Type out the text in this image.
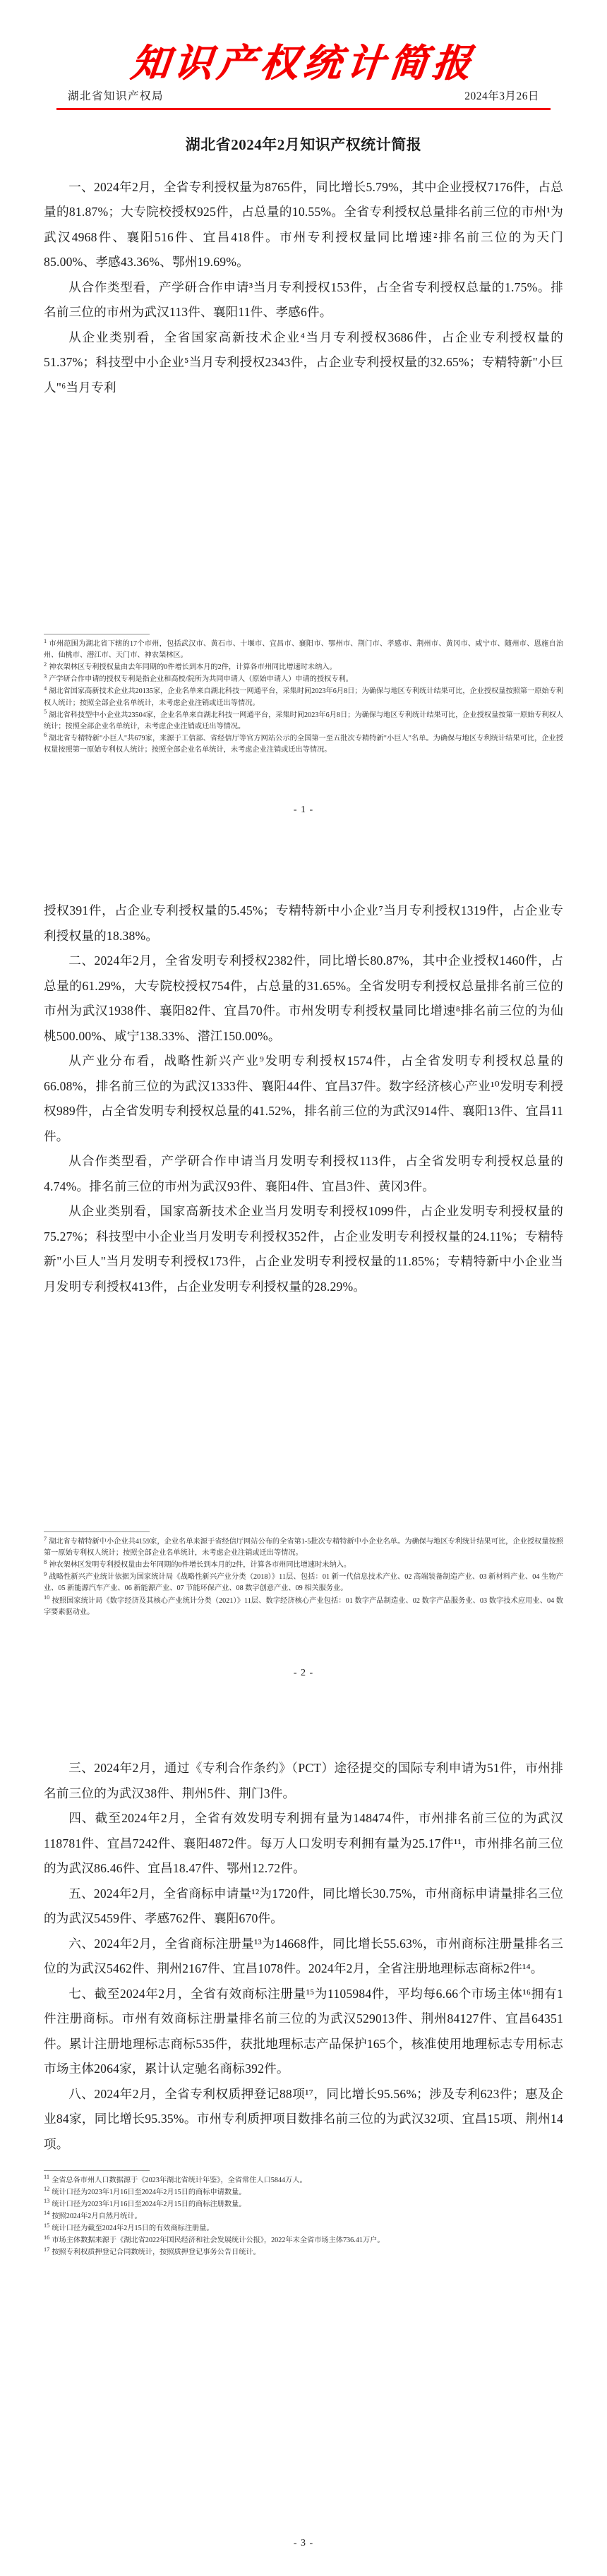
知识产权统计简报
湖北省知识产权局	2024年3月26日
湖北省2024年2月知识产权统计简报

一、2024年2月，全省专利授权量为8765件，同比增长5.79%，其中企业授权7176件，占总量的81.87%；大专院校授权925件，占总量的10.55%。全省专利授权总量排名前三位的市州¹为武汉4968件、襄阳516件、宜昌418件。市州专利授权量同比增速²排名前三位的为天门85.00%、孝感43.36%、鄂州19.69%。

从合作类型看，产学研合作申请³当月专利授权153件，占全省专利授权总量的1.75%。排名前三位的市州为武汉113件、襄阳11件、孝感6件。

从企业类别看，全省国家高新技术企业⁴当月专利授权3686件，占企业专利授权量的51.37%；科技型中小企业⁵当月专利授权2343件，占企业专利授权量的32.65%；专精特新"小巨人"⁶当月专利

$^1$ 市州范围为湖北省下辖的17个市州，包括武汉市、黄石市、十堰市、宜昌市、襄阳市、鄂州市、荆门市、孝感市、荆州市、黄冈市、咸宁市、随州市、恩施自治州、仙桃市、潜江市、天门市、神农架林区。

$^2$ 神农架林区专利授权量由去年同期的0件增长到本月的2件，计算各市州同比增速时未纳入。

$^3$ 产学研合作申请的授权专利是指企业和高校/院所为共同申请人（原始申请人）申请的授权专利。

$^4$ 湖北省国家高新技术企业共20135家，企业名单来自湖北科技一网通平台，采集时间2023年6月8日；为确保与地区专利统计结果可比，企业授权量按照第一原始专利权人统计；按照全部企业名单统计，未考虑企业注销或迁出等情况。

$^5$ 湖北省科技型中小企业共23504家，企业名单来自湖北科技一网通平台，采集时间2023年6月8日；为确保与地区专利统计结果可比，企业授权量按第一原始专利权人统计；按照全部企业名单统计，未考虑企业注销或迁出等情况。

$^6$ 湖北省专精特新"小巨人"共679家，来源于工信部、省经信厅等官方网站公示的全国第一至五批次专精特新"小巨人"名单。为确保与地区专利统计结果可比，企业授权量按照第一原始专利权人统计；按照全部企业名单统计，未考虑企业注销或迁出等情况。

- 1 -

授权391件，占企业专利授权量的5.45%；专精特新中小企业⁷当月专利授权1319件，占企业专利授权量的18.38%。

二、2024年2月，全省发明专利授权2382件，同比增长80.87%，其中企业授权1460件，占总量的61.29%，大专院校授权754件，占总量的31.65%。全省发明专利授权总量排名前三位的市州为武汉1938件、襄阳82件、宜昌70件。市州发明专利授权量同比增速⁸排名前三位的为仙桃500.00%、咸宁138.33%、潜江150.00%。

从产业分布看，战略性新兴产业⁹发明专利授权1574件，占全省发明专利授权总量的66.08%，排名前三位的为武汉1333件、襄阳44件、宜昌37件。数字经济核心产业¹⁰发明专利授权989件，占全省发明专利授权总量的41.52%，排名前三位的为武汉914件、襄阳13件、宜昌11件。

从合作类型看，产学研合作申请当月发明专利授权113件，占全省发明专利授权总量的4.74%。排名前三位的市州为武汉93件、襄阳4件、宜昌3件、黄冈3件。

从企业类别看，国家高新技术企业当月发明专利授权1099件，占企业发明专利授权量的75.27%；科技型中小企业当月发明专利授权352件，占企业发明专利授权量的24.11%；专精特新"小巨人"当月发明专利授权173件，占企业发明专利授权量的11.85%；专精特新中小企业当月发明专利授权413件，占企业发明专利授权量的28.29%。

$^7$ 湖北省专精特新中小企业共4159家，企业名单来源于省经信厅网站公布的全省第1-5批次专精特新中小企业名单。为确保与地区专利统计结果可比，企业授权量按照第一原始专利权人统计；按照全部企业名单统计，未考虑企业注销或迁出等情况。

$^8$ 神农架林区发明专利授权量由去年同期的0件增长到本月的2件，计算各市州同比增速时未纳入。

$^9$ 战略性新兴产业统计依据为国家统计局《战略性新兴产业分类（2018）》11层、包括：01 新一代信息技术产业、02 高端装备制造产业、03 新材料产业、04 生物产业、05 新能源汽车产业、06 新能源产业、07 节能环保产业、08 数字创意产业、09 相关服务业。

$^{10}$ 按照国家统计局《数字经济及其核心产业统计分类（2021）》11层、数字经济核心产业包括：01 数字产品制造业、02 数字产品服务业、03 数字技术应用业、04 数字要素驱动业。

- 2 -

三、2024年2月，通过《专利合作条约》（PCT）途径提交的国际专利申请为51件，市州排名前三位的为武汉38件、荆州5件、荆门3件。

四、截至2024年2月，全省有效发明专利拥有量为148474件，市州排名前三位的为武汉118781件、宜昌7242件、襄阳4872件。每万人口发明专利拥有量为25.17件¹¹，市州排名前三位的为武汉86.46件、宜昌18.47件、鄂州12.72件。

五、2024年2月，全省商标申请量¹²为1720件，同比增长30.75%，市州商标申请量排名三位的为武汉5459件、孝感762件、襄阳670件。

六、2024年2月，全省商标注册量¹³为14668件，同比增长55.63%，市州商标注册量排名三位的为武汉5462件、荆州2167件、宜昌1078件。2024年2月，全省注册地理标志商标2件¹⁴。

七、截至2024年2月，全省有效商标注册量¹⁵为1105984件，平均每6.66个市场主体¹⁶拥有1件注册商标。市州有效商标注册量排名前三位的为武汉529013件、荆州84127件、宜昌64351件。累计注册地理标志商标535件，获批地理标志产品保护165个，核准使用地理标志专用标志市场主体2064家，累计认定驰名商标392件。

八、2024年2月，全省专利权质押登记88项¹⁷，同比增长95.56%；涉及专利623件；惠及企业84家，同比增长95.35%。市州专利质押项目数排名前三位的为武汉32项、宜昌15项、荆州14项。

$^{11}$ 全省总各市州人口数据源于《2023年湖北省统计年鉴》，全省常住人口5844万人。

$^{12}$ 统计口径为2023年1月16日至2024年2月15日的商标申请数量。

$^{13}$ 统计口径为2023年1月16日至2024年2月15日的商标注册数量。

$^{14}$ 按照2024年2月自然月统计。

$^{15}$ 统计口径为截至2024年2月15日的有效商标注册量。

$^{16}$ 市场主体数据来源于《湖北省2022年国民经济和社会发展统计公报》，2022年末全省市场主体736.41万户。

$^{17}$ 按照专利权质押登记合同数统计，按照质押登记事务公告日统计。

- 3 -
